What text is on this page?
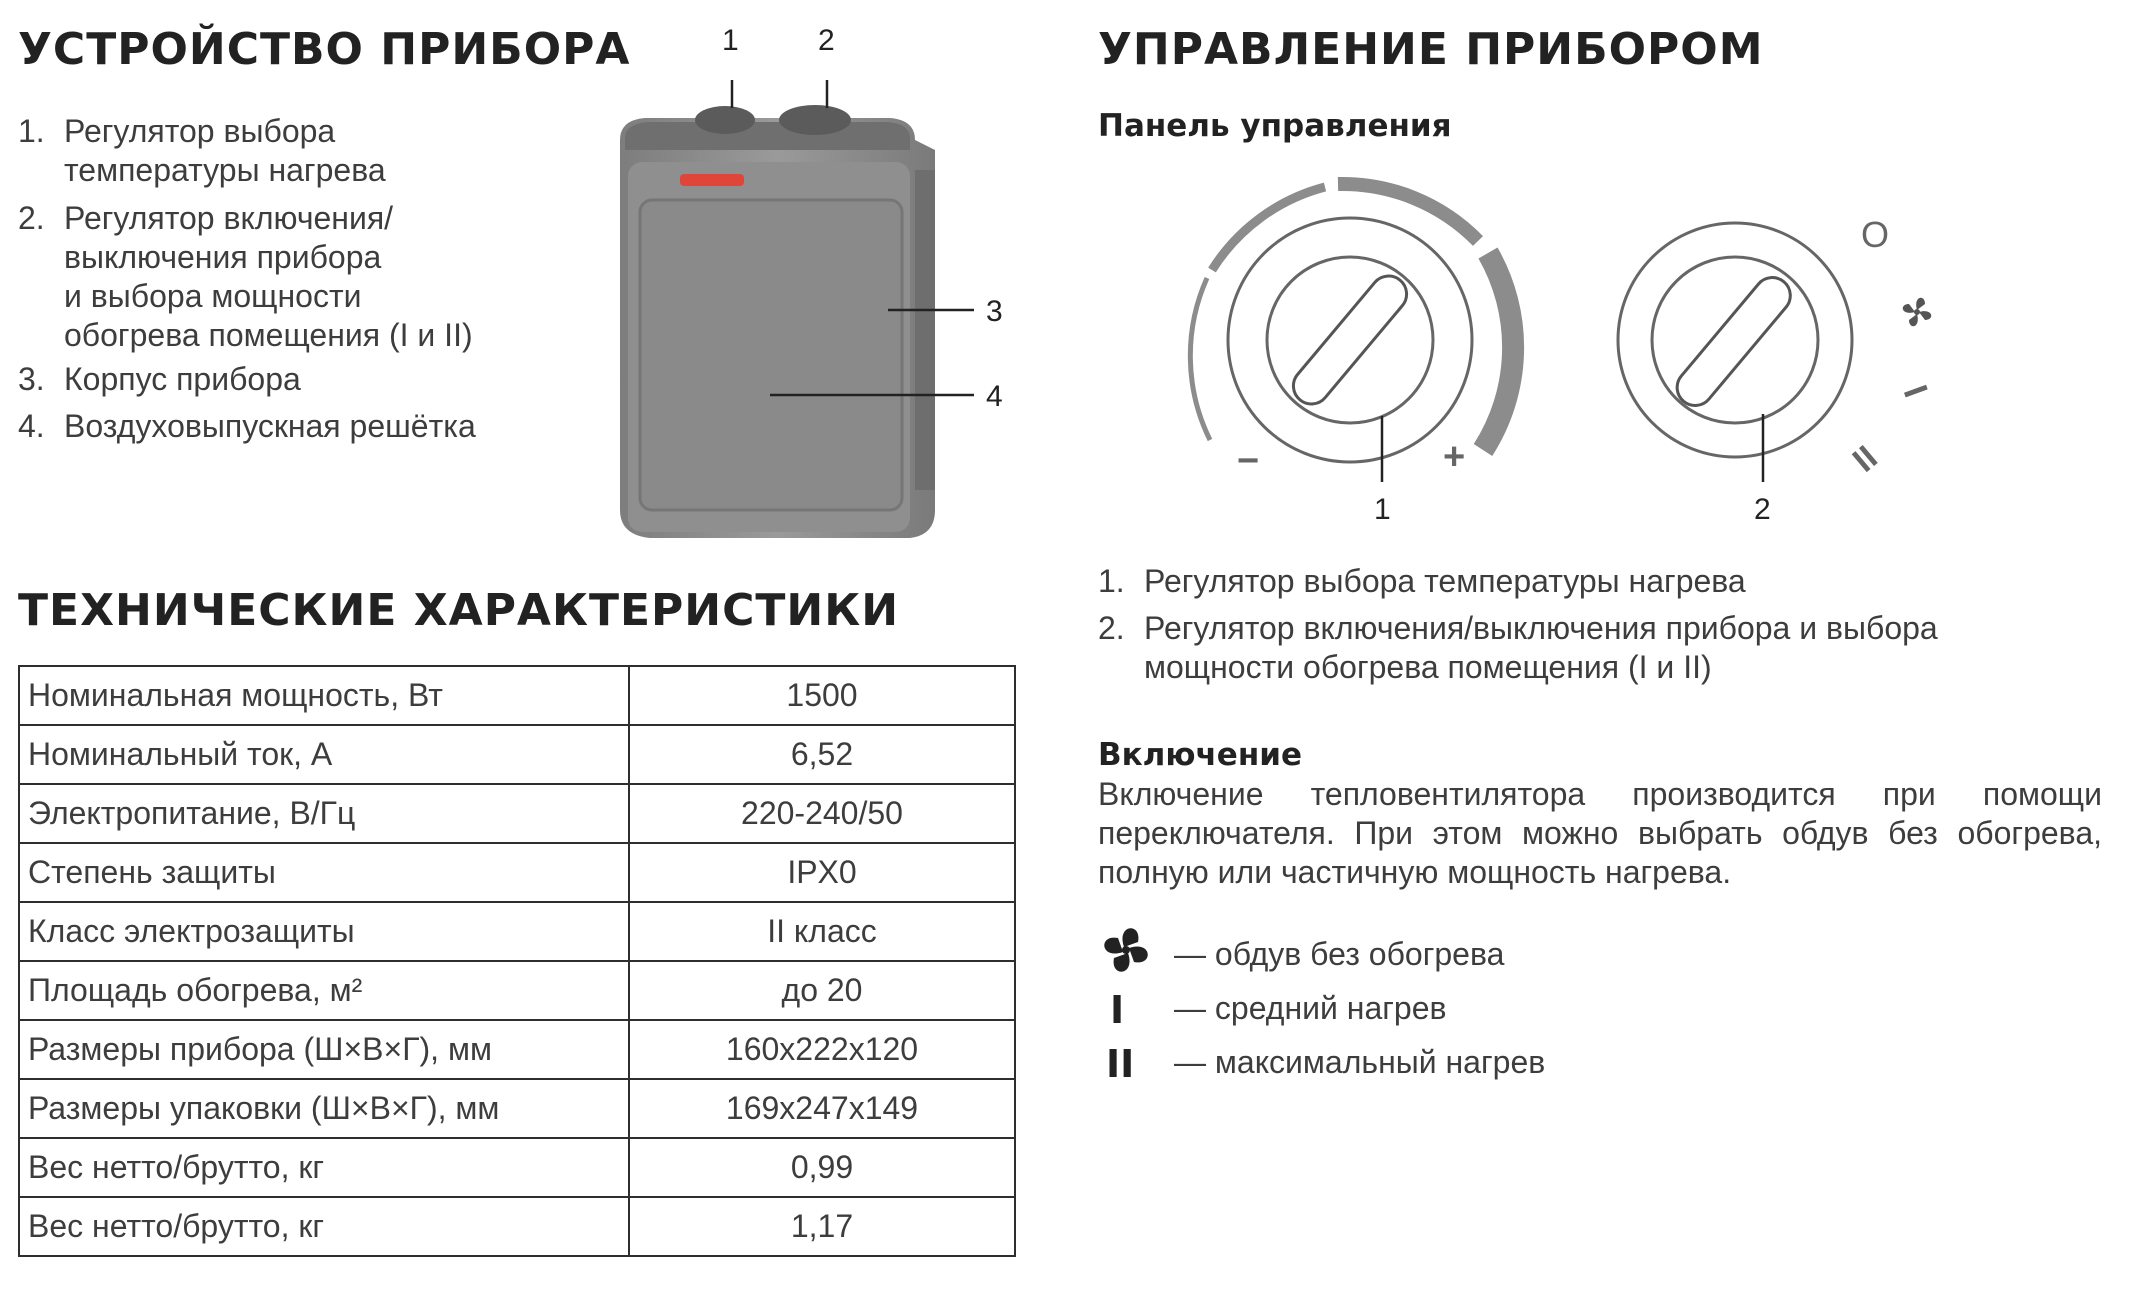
УСТРОЙСТВО ПРИБОРА
1. Регулятор выбора
температуры нагрева
2. Регулятор включения/
выключения прибора
и выбора мощности
обогрева помещения (I и II)
3. Корпус прибора
4. Воздуховыпускная решётка
1	2
3
4
ТЕХНИЧЕСКИЕ ХАРАКТЕРИСТИКИ
Номинальная мощность, Вт	1500
Номинальный ток, А	6,52
Электропитание, В/Гц	220-240/50
Степень защиты	IPX0
Класс электрозащиты	II класс
Площадь обогрева, м²	до 20
Размеры прибора (Ш×В×Г), мм	160x222x120
Размеры упаковки (Ш×В×Г), мм	169x247x149
Вес нетто/брутто, кг	0,99
Вес нетто/брутто, кг	1,17
УПРАВЛЕНИЕ ПРИБОРОМ
Панель управления
−	+
1	2
O
I
II
1. Регулятор выбора температуры нагрева
2. Регулятор включения/выключения прибора и выбора
мощности обогрева помещения (I и II)
Включение
Включение тепловентилятора производится при помощи переключателя. При этом можно выбрать обдув без обогрева, полную или частичную мощность нагрева.
— обдув без обогрева
I — средний нагрев
II — максимальный нагрев
